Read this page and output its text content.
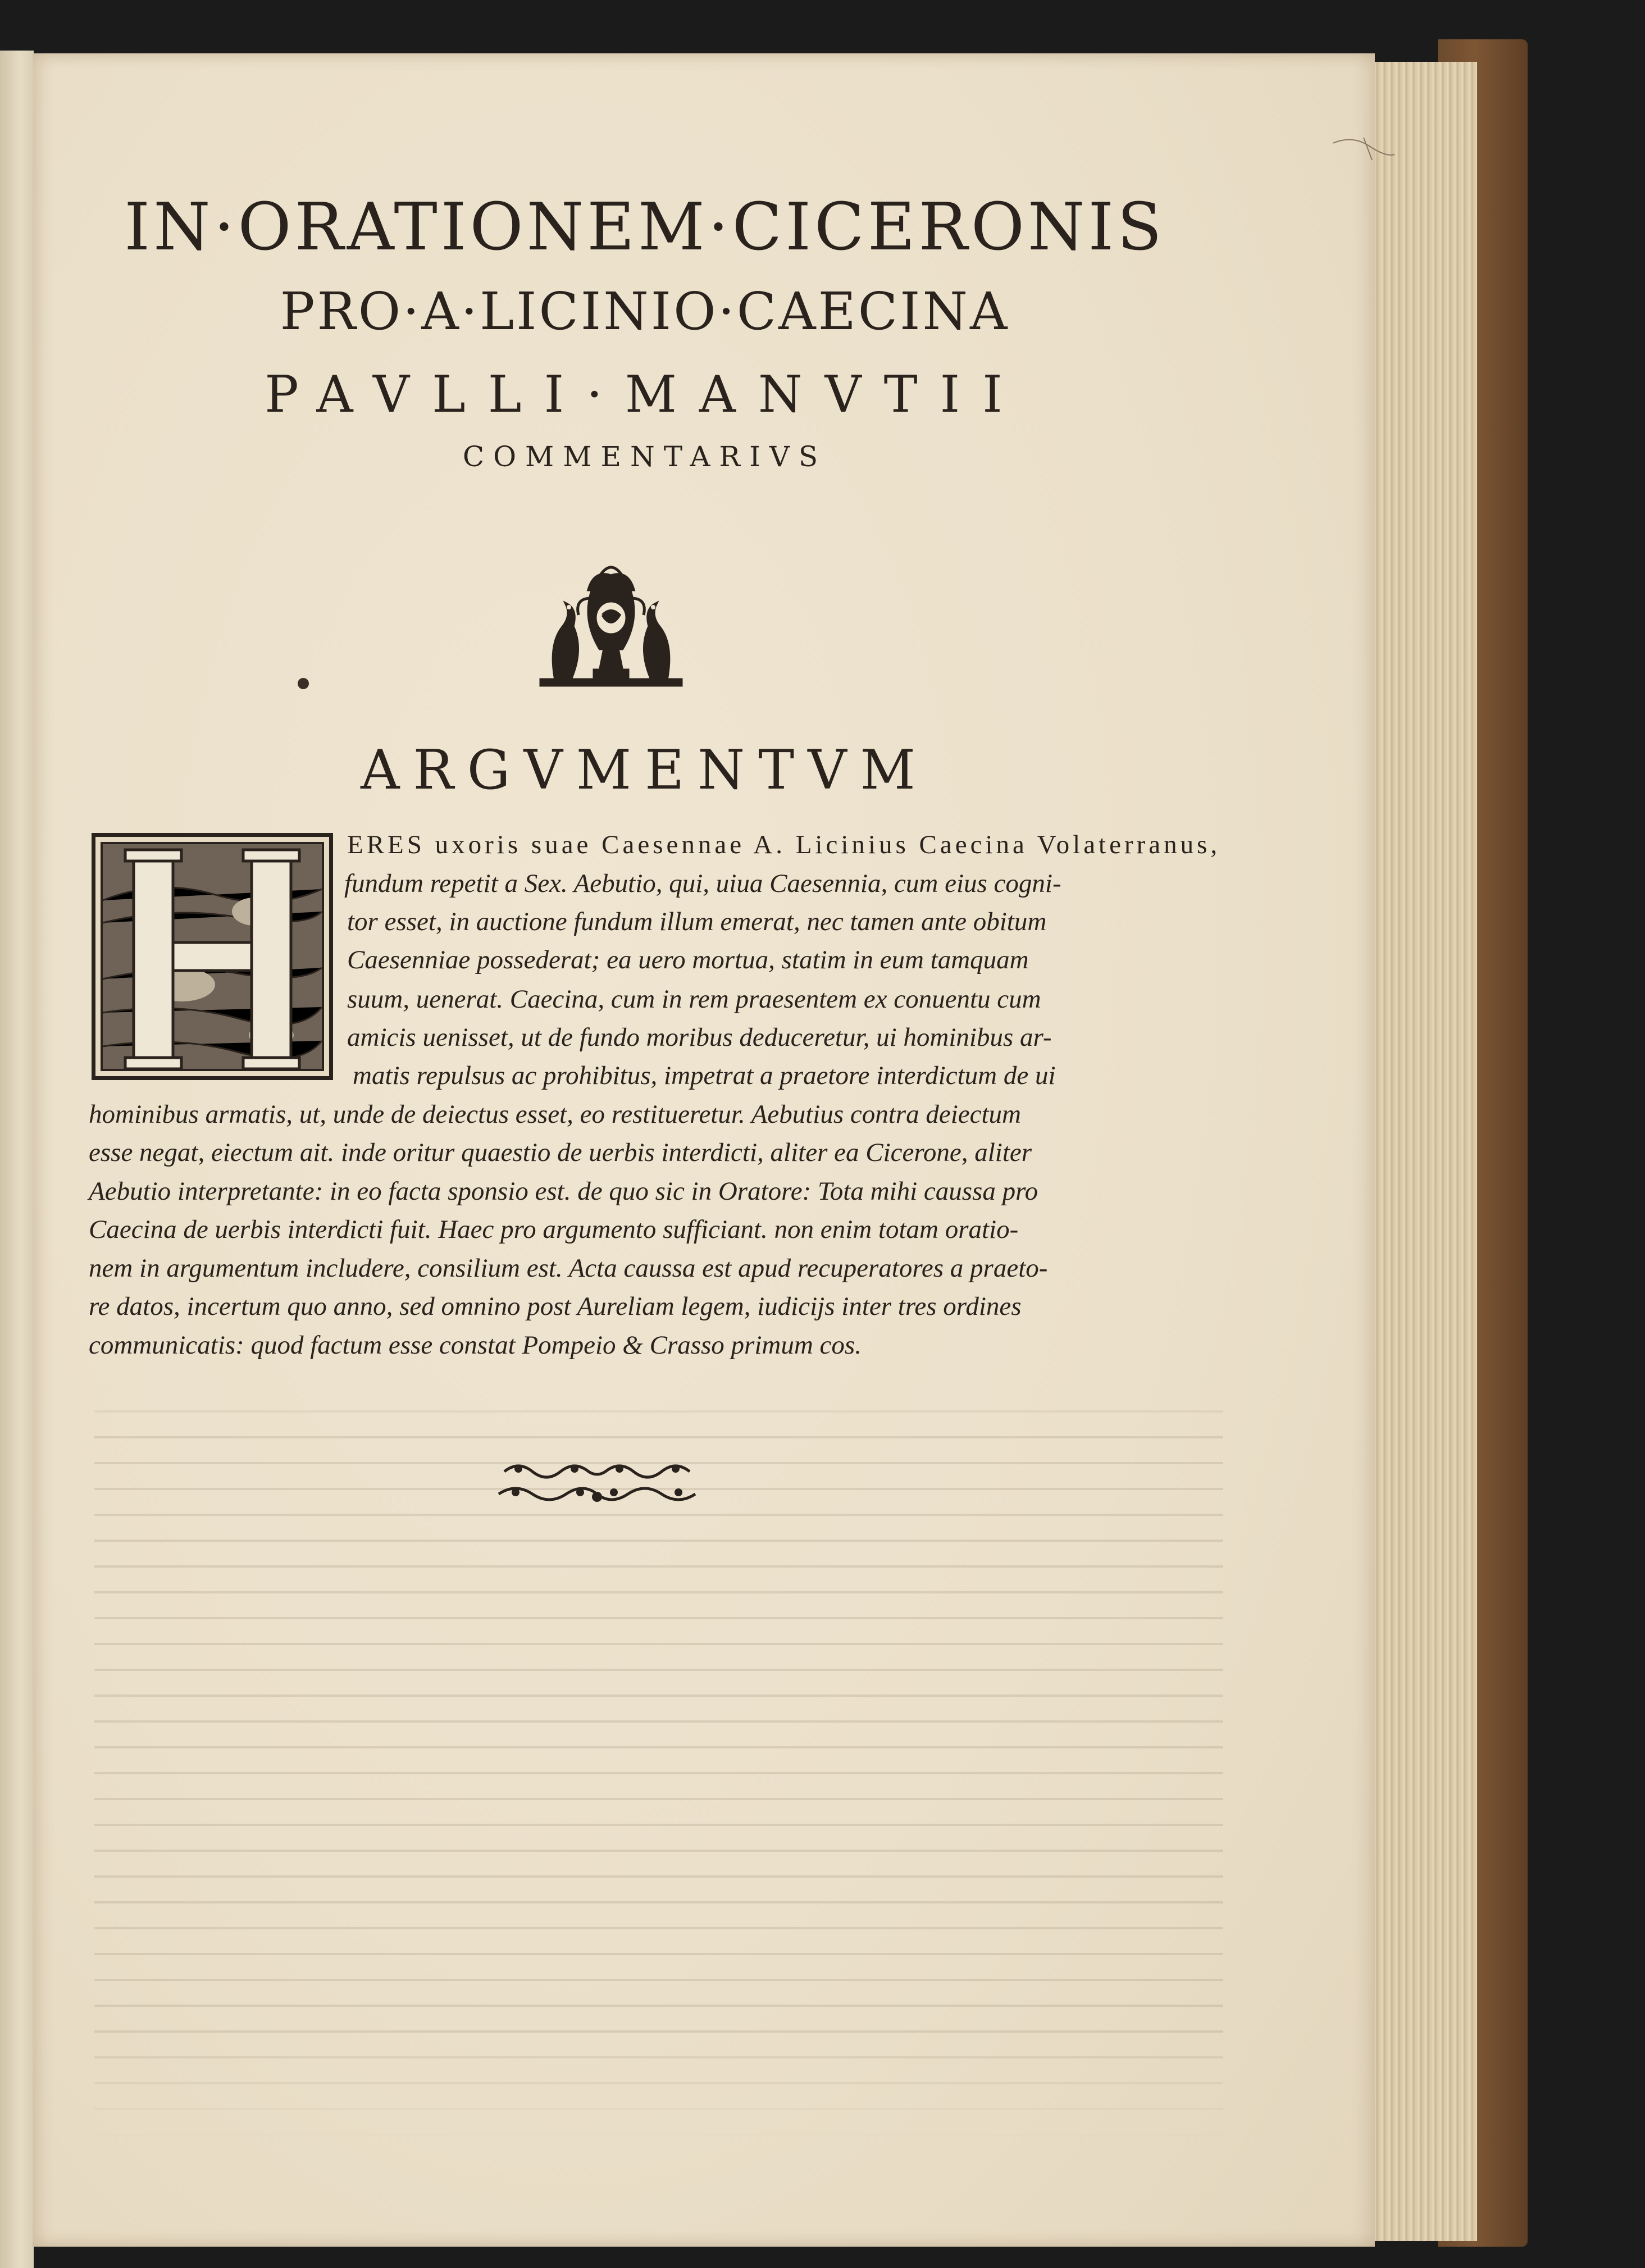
IN·ORATIONEM·CICERONIS
PRO·A·LICINIO·CAECINA
PAVLLI·MANVTII
COMMENTARIVS
ARGVMENTVM
ERES uxoris suae Caesennae A. Licinius Caecina Volaterranus,
fundum repetit a Sex. Aebutio, qui, uiua Caesennia, cum eius cogni-
tor esset, in auctione fundum illum emerat, nec tamen ante obitum
Caesenniae possederat; ea uero mortua, statim in eum tamquam
suum, uenerat. Caecina, cum in rem praesentem ex conuentu cum
amicis uenisset, ut de fundo moribus deduceretur, ui hominibus ar-
matis repulsus ac prohibitus, impetrat a praetore interdictum de ui
hominibus armatis, ut, unde de deiectus esset, eo restitueretur. Aebutius contra deiectum
esse negat, eiectum ait. inde oritur quaestio de uerbis interdicti, aliter ea Cicerone, aliter
Aebutio interpretante: in eo facta sponsio est. de quo sic in Oratore: Tota mihi caussa pro
Caecina de uerbis interdicti fuit. Haec pro argumento sufficiant. non enim totam oratio-
nem in argumentum includere, consilium est. Acta caussa est apud recuperatores a praeto-
re datos, incertum quo anno, sed omnino post Aureliam legem, iudicijs inter tres ordines
communicatis: quod factum esse constat Pompeio & Crasso primum cos.
